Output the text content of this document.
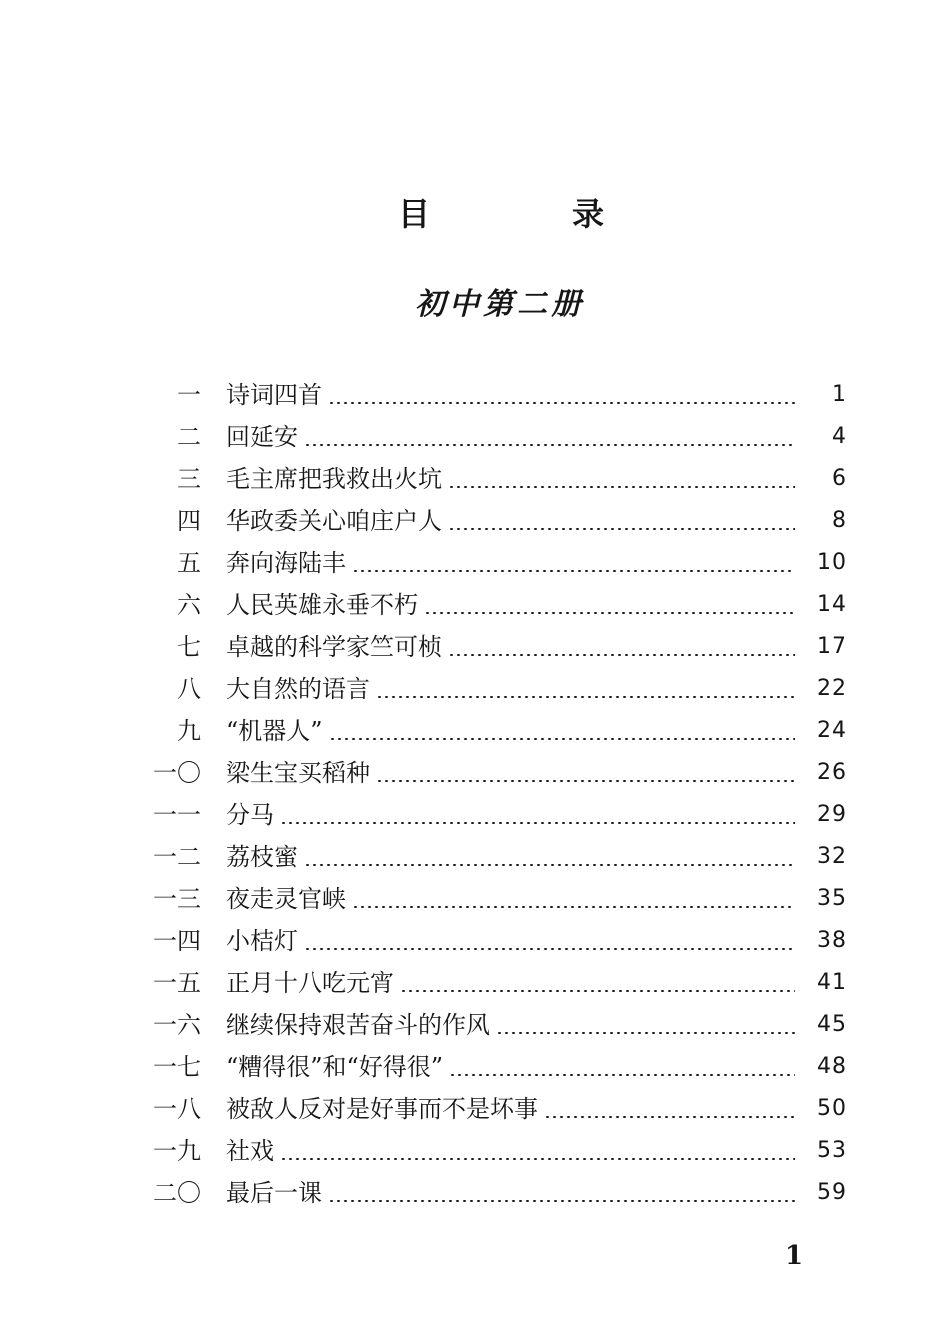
目	录
初中第二册
一 诗词四首	1
二 回延安	4
三 毛主席把我救出火坑	6
四 华政委关心咱庄户人	8
五 奔向海陆丰	10
六 人民英雄永垂不朽	14
七 卓越的科学家竺可桢	17
八 大自然的语言	22
九 “机器人”	24
一〇 梁生宝买稻种	26
一一 分马	29
一二 荔枝蜜	32
一三 夜走灵官峡	35
一四 小桔灯	38
一五 正月十八吃元宵	41
一六 继续保持艰苦奋斗的作风	45
一七 “糟得很”和“好得很”	48
一八 被敌人反对是好事而不是坏事	50
一九 社戏	53
二〇 最后一课	59
1
